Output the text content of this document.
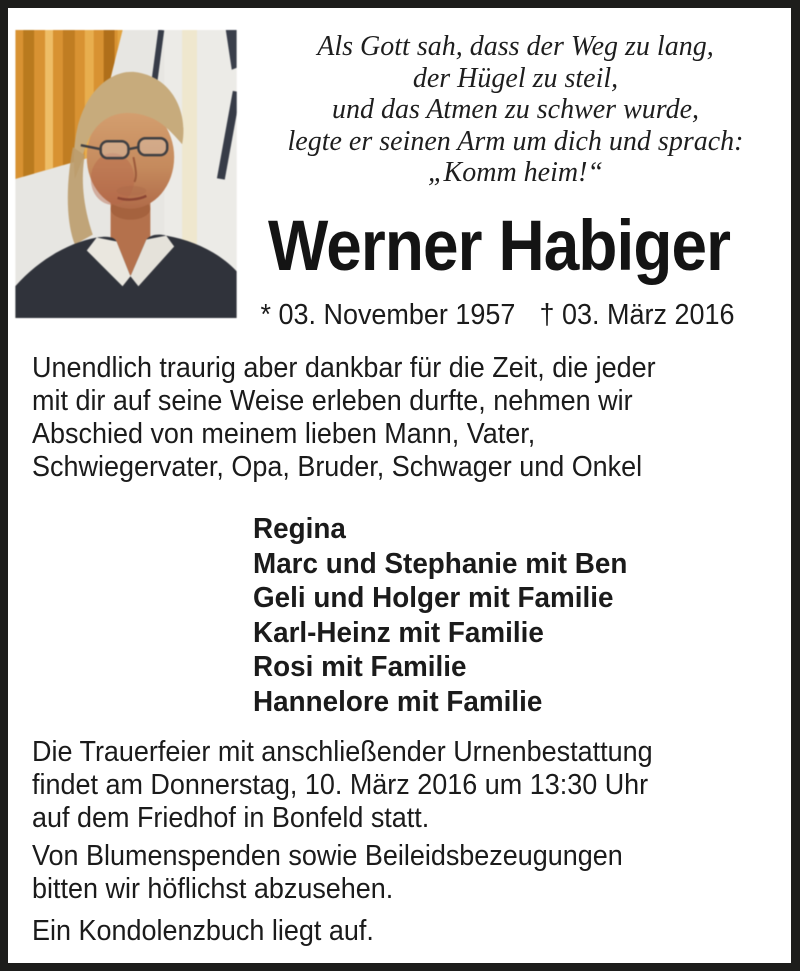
Als Gott sah, dass der Weg zu lang,
der Hügel zu steil,
und das Atmen zu schwer wurde,
legte er seinen Arm um dich und sprach:
„Komm heim!“
Werner Habiger
* 03. November 1957 † 03. März 2016
Unendlich traurig aber dankbar für die Zeit, die jeder
mit dir auf seine Weise erleben durfte, nehmen wir
Abschied von meinem lieben Mann, Vater,
Schwiegervater, Opa, Bruder, Schwager und Onkel
Regina
Marc und Stephanie mit Ben
Geli und Holger mit Familie
Karl-Heinz mit Familie
Rosi mit Familie
Hannelore mit Familie
Die Trauerfeier mit anschließender Urnenbestattung
findet am Donnerstag, 10. März 2016 um 13:30 Uhr
auf dem Friedhof in Bonfeld statt.
Von Blumenspenden sowie Beileidsbezeugungen
bitten wir höflichst abzusehen.
Ein Kondolenzbuch liegt auf.
